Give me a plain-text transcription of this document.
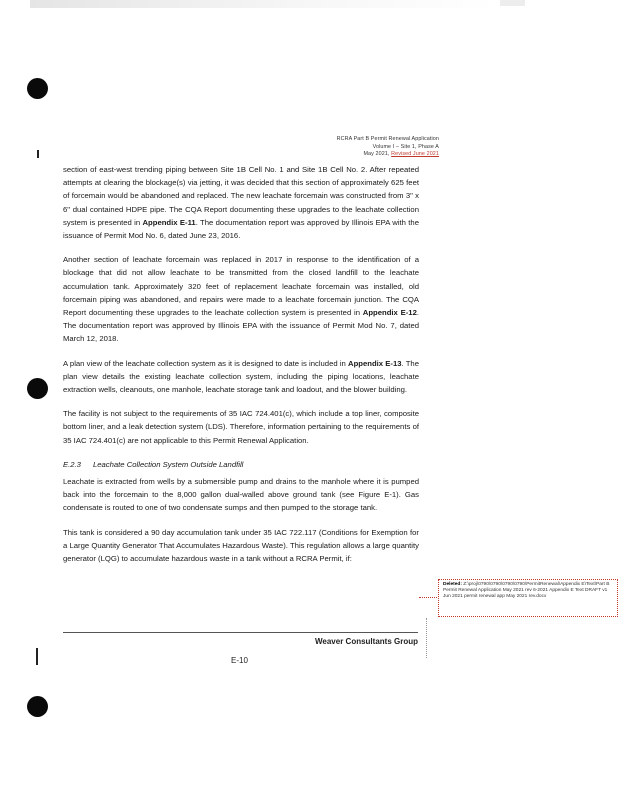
RCRA Part B Permit Renewal Application
Volume I – Site 1, Phase A
May 2021, Revised June 2021

section of east-west trending piping between Site 1B Cell No. 1 and Site 1B Cell No. 2. After repeated attempts at clearing the blockage(s) via jetting, it was decided that this section of approximately 625 feet of forcemain would be abandoned and replaced. The new leachate forcemain was constructed from 3" x 6" dual contained HDPE pipe. The CQA Report documenting these upgrades to the leachate collection system is presented in Appendix E-11. The documentation report was approved by Illinois EPA with the issuance of Permit Mod No. 6, dated June 23, 2016.

Another section of leachate forcemain was replaced in 2017 in response to the identification of a blockage that did not allow leachate to be transmitted from the closed landfill to the leachate accumulation tank. Approximately 320 feet of replacement leachate forcemain was installed, old forcemain piping was abandoned, and repairs were made to a leachate forcemain junction. The CQA Report documenting these upgrades to the leachate collection system is presented in Appendix E-12. The documentation report was approved by Illinois EPA with the issuance of Permit Mod No. 7, dated March 12, 2018.

A plan view of the leachate collection system as it is designed to date is included in Appendix E-13. The plan view details the existing leachate collection system, including the piping locations, leachate extraction wells, cleanouts, one manhole, leachate storage tank and loadout, and the blower building.

The facility is not subject to the requirements of 35 IAC 724.401(c), which include a top liner, composite bottom liner, and a leak detection system (LDS). Therefore, information pertaining to the requirements of 35 IAC 724.401(c) are not applicable to this Permit Renewal Application.

E.2.3 Leachate Collection System Outside Landfill

Leachate is extracted from wells by a submersible pump and drains to the manhole where it is pumped back into the forcemain to the 8,000 gallon dual-walled above ground tank (see Figure E-1). Gas condensate is routed to one of two condensate sumps and then pumped to the storage tank.

This tank is considered a 90 day accumulation tank under 35 IAC 722.117 (Conditions for Exemption for a Large Quantity Generator That Accumulates Hazardous Waste). This regulation allows a large quantity generator (LQG) to accumulate hazardous waste in a tank without a RCRA Permit, if:

Deleted: Z:\proj\0790\0790\0790\0790\PermitRenewal\Appendix E\Text\Part B Permit Renewal Application May 2021 rev 6-2021 Appendix E Text DRAFT v1 Jun 2021 permit renewal app May 2021 rev.docx
Weaver Consultants Group
E-10
